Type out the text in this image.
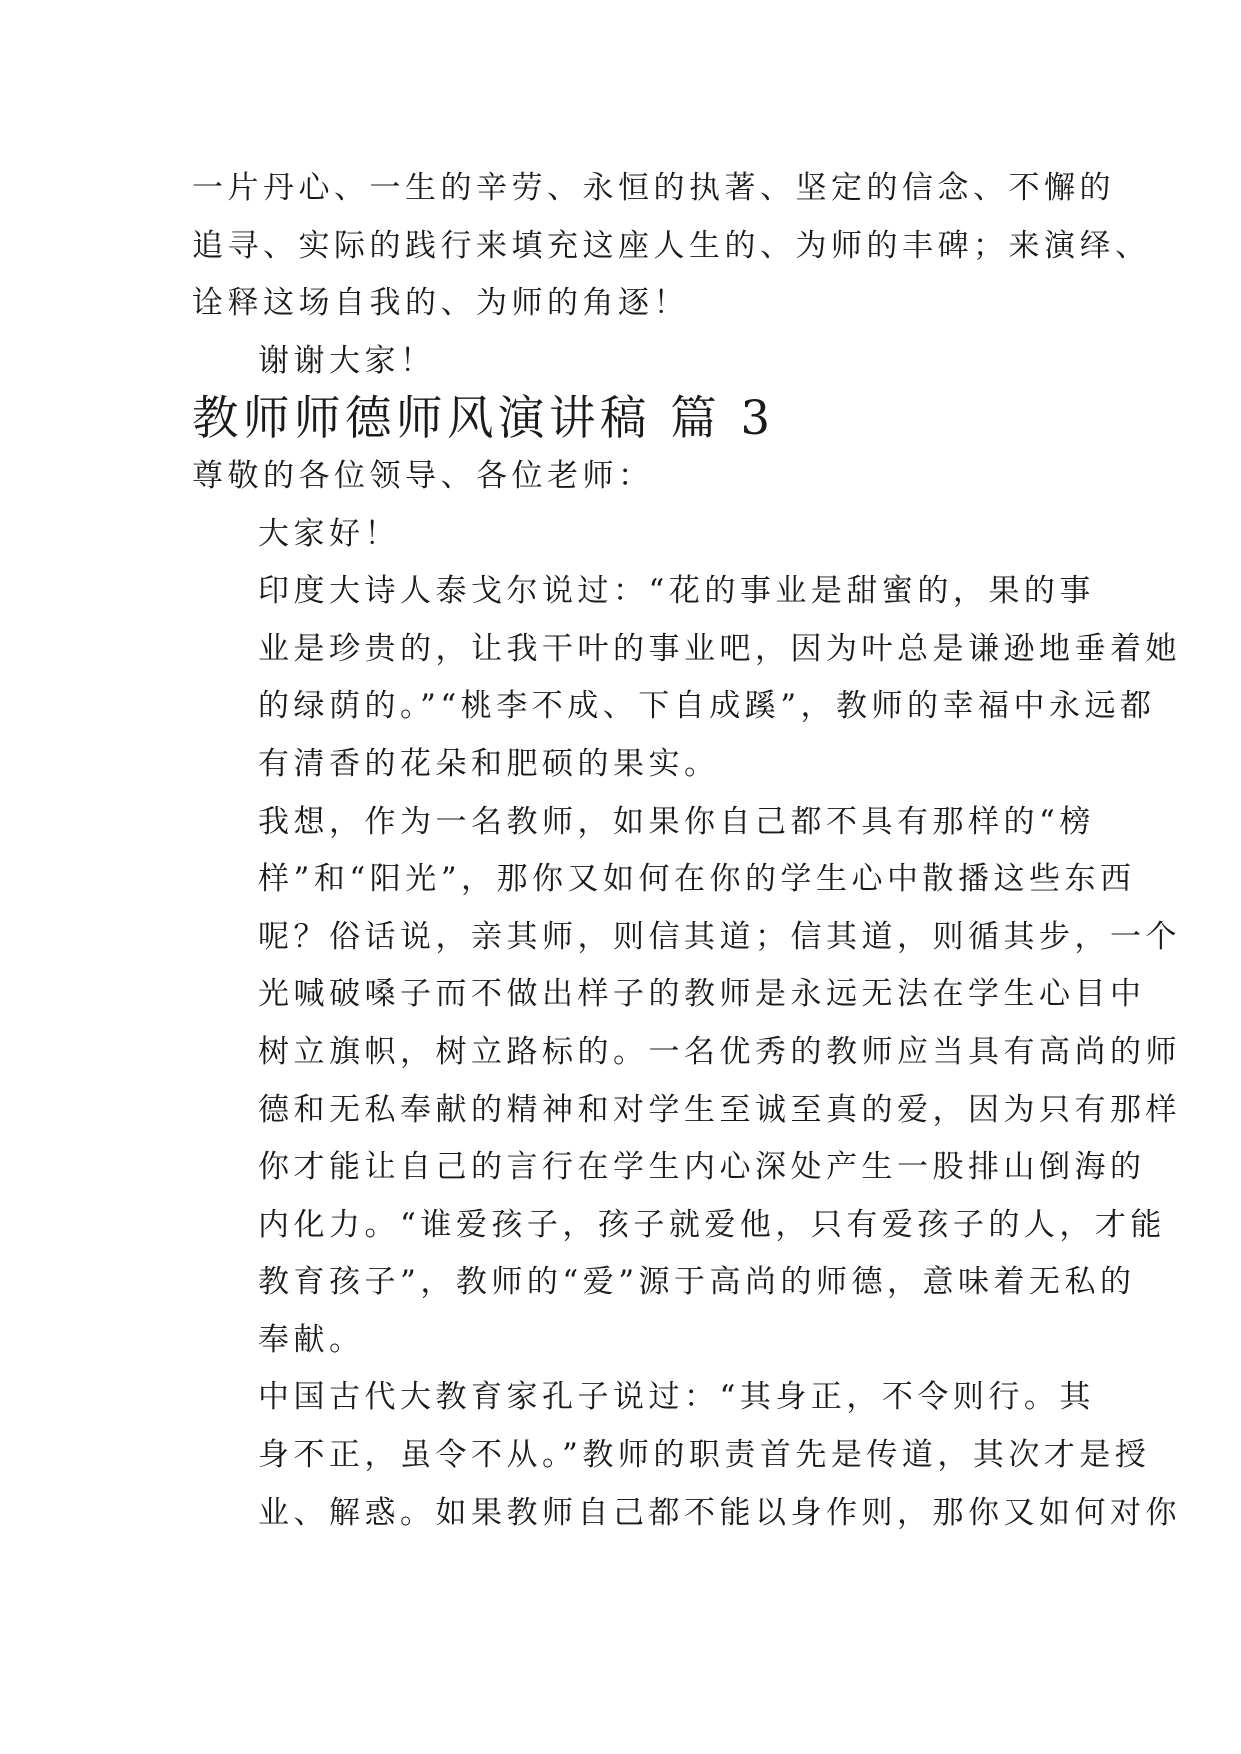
一片丹心、一生的辛劳、永恒的执著、坚定的信念、不懈的
追寻、实际的践行来填充这座人生的、为师的丰碑；来演绎、
诠释这场自我的、为师的角逐！

谢谢大家！

教师师德师风演讲稿 篇 3

尊敬的各位领导、各位老师：

大家好！

印度大诗人泰戈尔说过：“花的事业是甜蜜的，果的事
业是珍贵的，让我干叶的事业吧，因为叶总是谦逊地垂着她
的绿荫的。”“桃李不成、下自成蹊”，教师的幸福中永远都
有清香的花朵和肥硕的果实。

我想，作为一名教师，如果你自己都不具有那样的“榜
样”和“阳光”，那你又如何在你的学生心中散播这些东西
呢？俗话说，亲其师，则信其道；信其道，则循其步，一个
光喊破嗓子而不做出样子的教师是永远无法在学生心目中
树立旗帜，树立路标的。一名优秀的教师应当具有高尚的师
德和无私奉献的精神和对学生至诚至真的爱，因为只有那样
你才能让自己的言行在学生内心深处产生一股排山倒海的
内化力。“谁爱孩子，孩子就爱他，只有爱孩子的人，才能
教育孩子”，教师的“爱”源于高尚的师德，意味着无私的
奉献。

中国古代大教育家孔子说过：“其身正，不令则行。其
身不正，虽令不从。”教师的职责首先是传道，其次才是授
业、解惑。如果教师自己都不能以身作则，那你又如何对你
